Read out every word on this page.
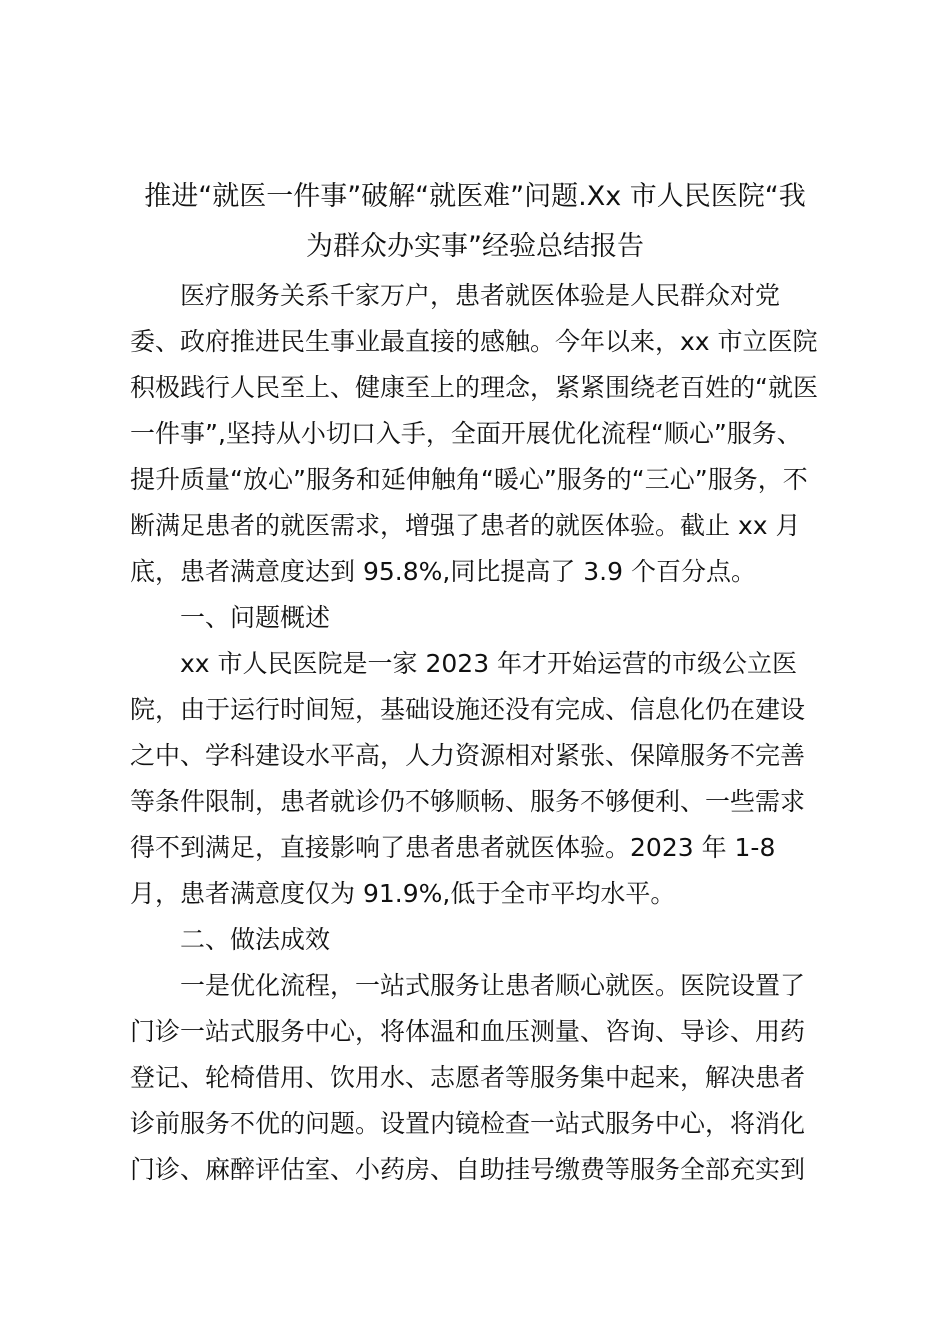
推进“就医一件事”破解“就医难”问题.Xx 市人民医院“我
为群众办实事”经验总结报告
医疗服务关系千家万户，患者就医体验是人民群众对党
委、政府推进民生事业最直接的感触。今年以来，xx 市立医院
积极践行人民至上、健康至上的理念，紧紧围绕老百姓的“就医
一件事”,坚持从小切口入手，全面开展优化流程“顺心”服务、
提升质量“放心”服务和延伸触角“暖心”服务的“三心”服务，不
断满足患者的就医需求，增强了患者的就医体验。截止 xx 月
底，患者满意度达到 95.8%,同比提高了 3.9 个百分点。
一、问题概述
xx 市人民医院是一家 2023 年才开始运营的市级公立医
院，由于运行时间短，基础设施还没有完成、信息化仍在建设
之中、学科建设水平高，人力资源相对紧张、保障服务不完善
等条件限制，患者就诊仍不够顺畅、服务不够便利、一些需求
得不到满足，直接影响了患者患者就医体验。2023 年 1-8
月，患者满意度仅为 91.9%,低于全市平均水平。
二、做法成效
一是优化流程，一站式服务让患者顺心就医。医院设置了
门诊一站式服务中心，将体温和血压测量、咨询、导诊、用药
登记、轮椅借用、饮用水、志愿者等服务集中起来，解决患者
诊前服务不优的问题。设置内镜检查一站式服务中心，将消化
门诊、麻醉评估室、小药房、自助挂号缴费等服务全部充实到
